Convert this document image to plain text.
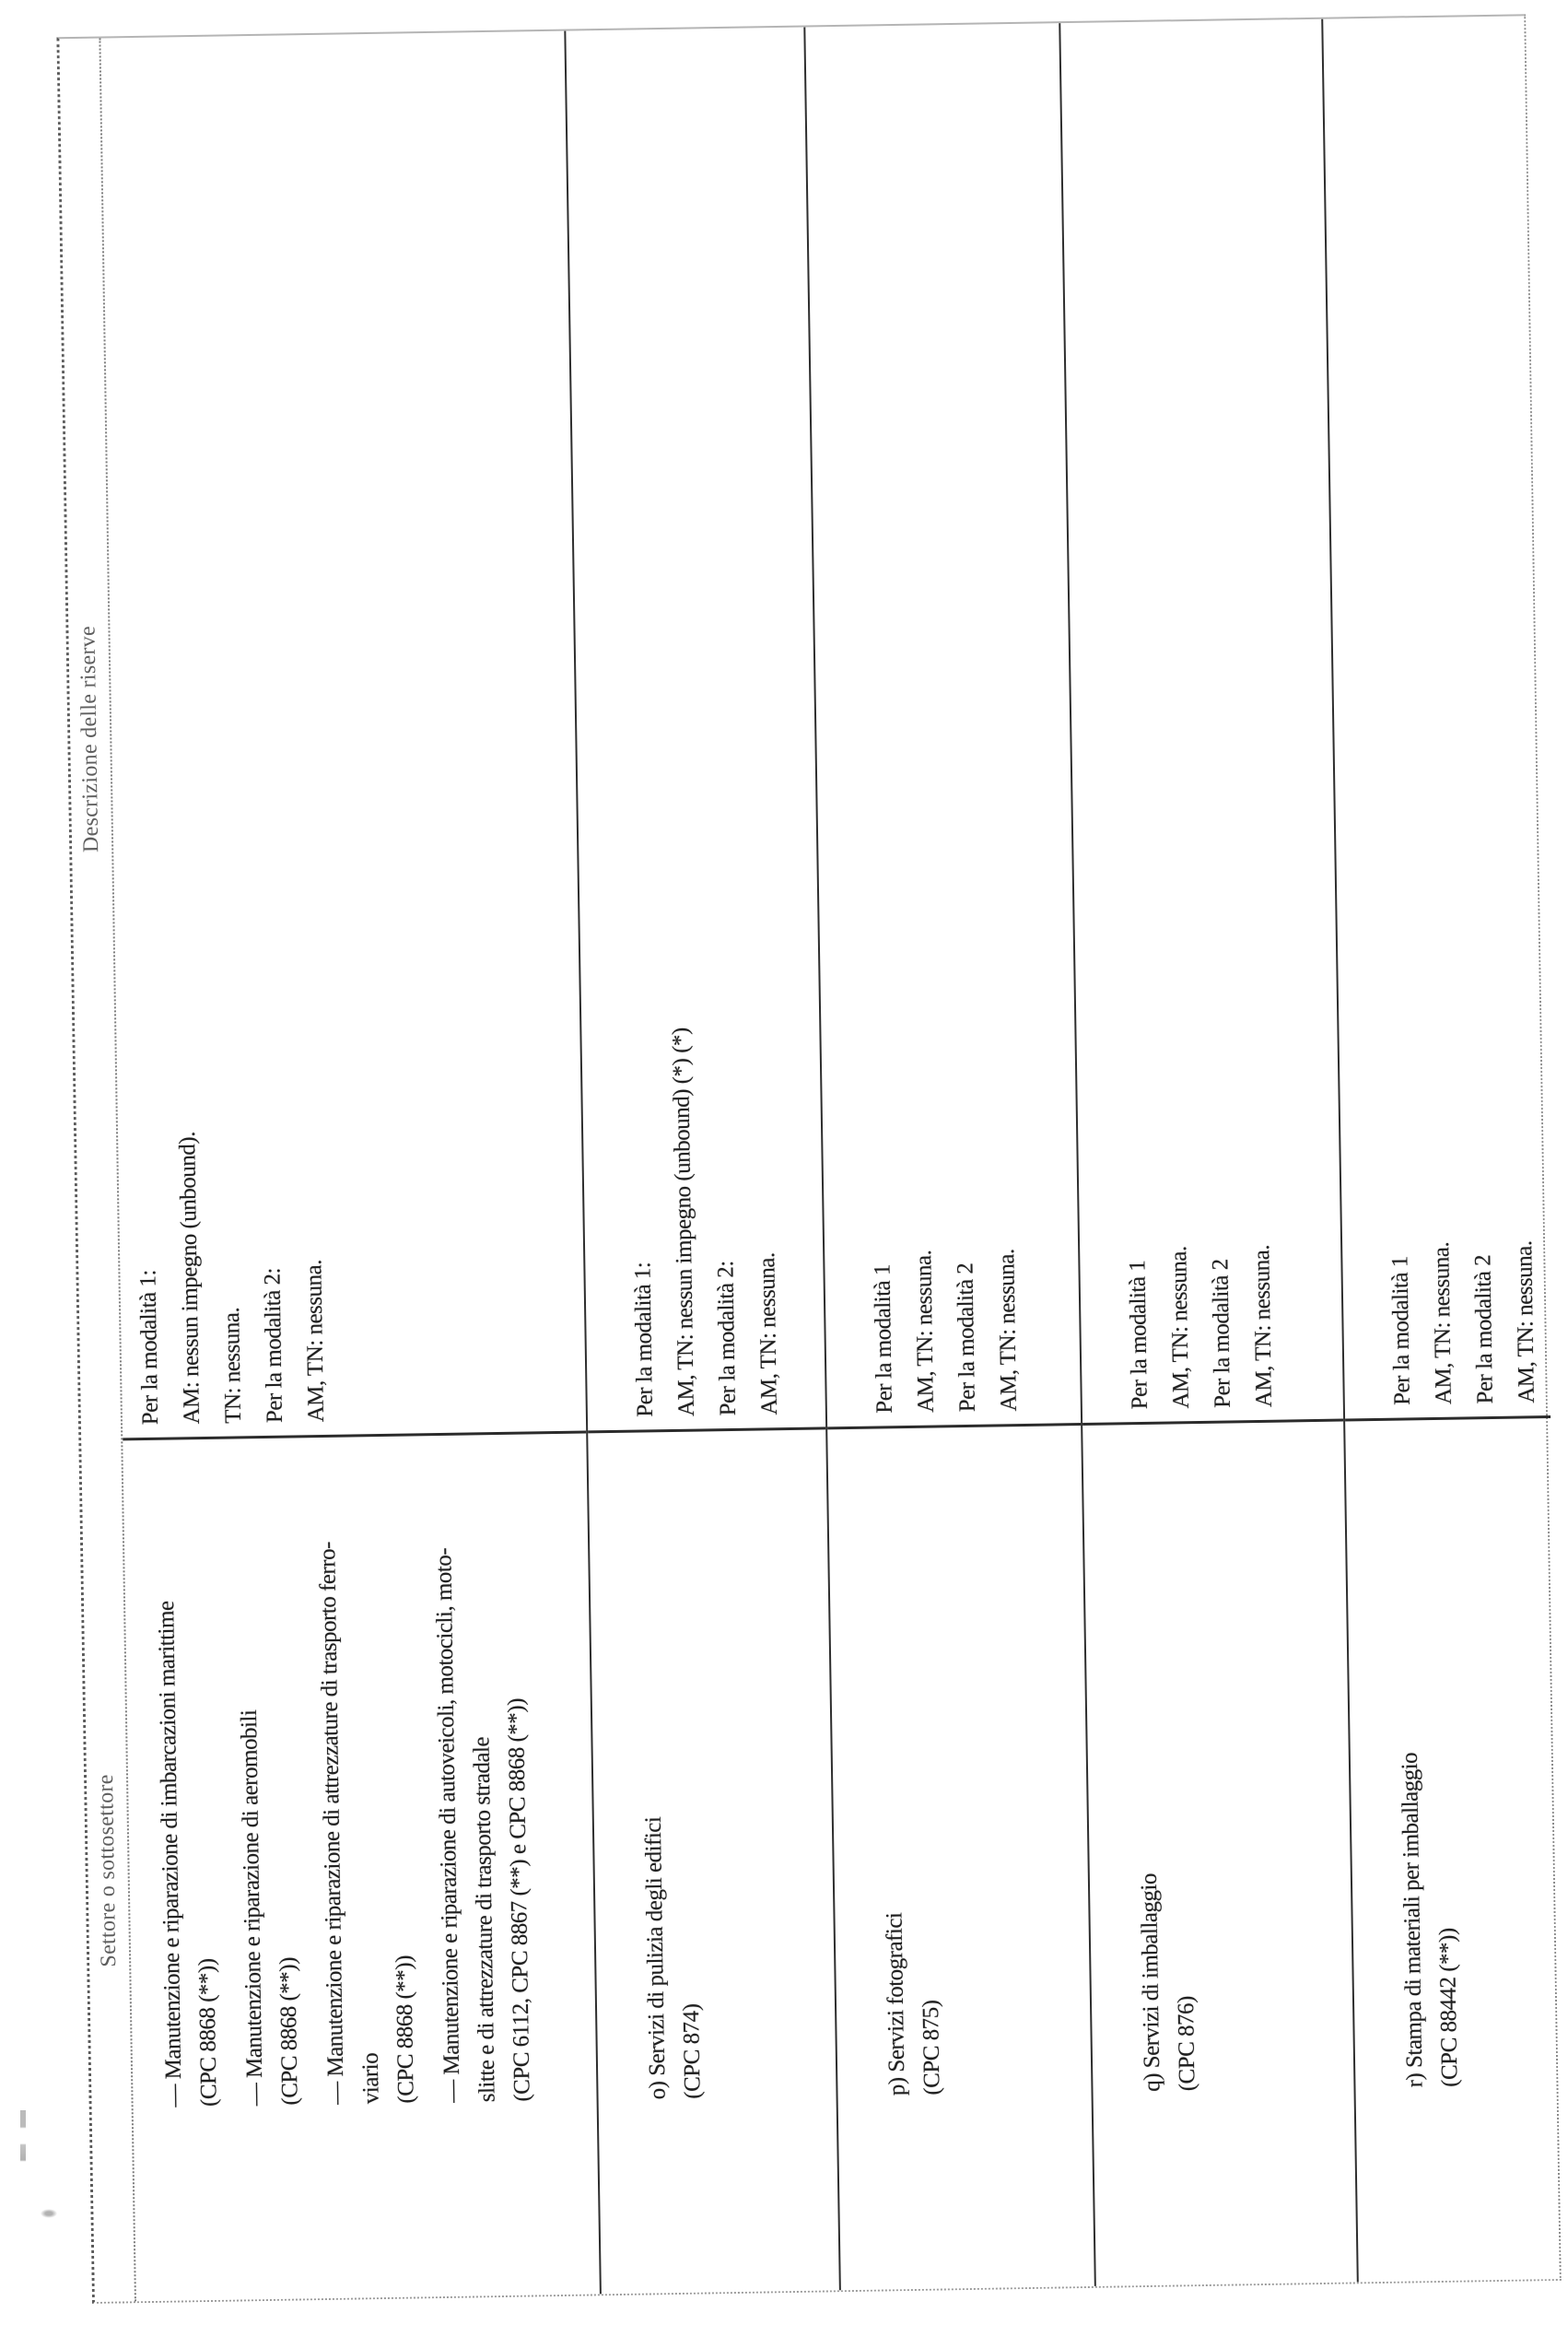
Settore o sottosettore
Descrizione delle riserve
— Manutenzione e riparazione di imbarcazioni marittime (CPC 8868 (**)) — Manutenzione e riparazione di aeromobili (CPC 8868 (**)) — Manutenzione e riparazione di attrezzature di trasporto ferro- viario (CPC 8868 (**)) — Manutenzione e riparazione di autoveicoli, motocicli, moto- slitte e di attrezzature di trasporto stradale (CPC 6112, CPC 8867 (**) e CPC 8868 (**))
Per la modalità 1: AM: nessun impegno (unbound). TN: nessuna. Per la modalità 2: AM, TN: nessuna.
o) Servizi di pulizia degli edifici (CPC 874)
Per la modalità 1: AM, TN: nessun impegno (unbound) (*) (*) Per la modalità 2: AM, TN: nessuna.
p) Servizi fotografici (CPC 875)
Per la modalità 1 AM, TN: nessuna. Per la modalità 2 AM, TN: nessuna.
q) Servizi di imballaggio (CPC 876)
Per la modalità 1 AM, TN: nessuna. Per la modalità 2 AM, TN: nessuna.
r) Stampa di materiali per imballaggio (CPC 88442 (**))
Per la modalità 1 AM, TN: nessuna. Per la modalità 2 AM, TN: nessuna.
